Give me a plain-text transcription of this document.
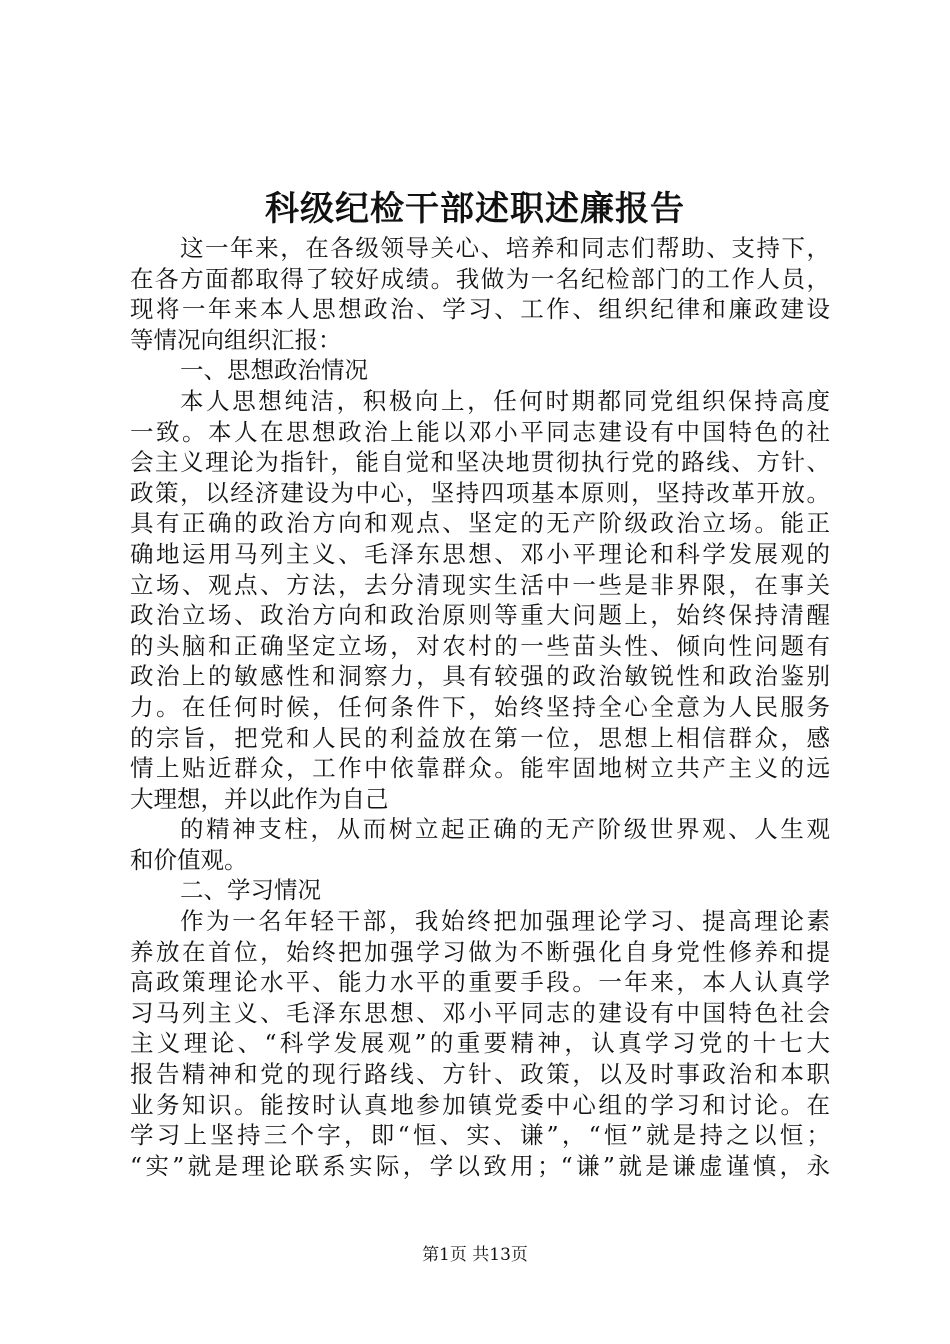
科级纪检干部述职述廉报告
这一年来，在各级领导关心、培养和同志们帮助、支持下，
在各方面都取得了较好成绩。我做为一名纪检部门的工作人员，
现将一年来本人思想政治、学习、工作、组织纪律和廉政建设
等情况向组织汇报：
一、思想政治情况
本人思想纯洁，积极向上，任何时期都同党组织保持高度
一致。本人在思想政治上能以邓小平同志建设有中国特色的社
会主义理论为指针，能自觉和坚决地贯彻执行党的路线、方针、
政策，以经济建设为中心，坚持四项基本原则，坚持改革开放。
具有正确的政治方向和观点、坚定的无产阶级政治立场。能正
确地运用马列主义、毛泽东思想、邓小平理论和科学发展观的
立场、观点、方法，去分清现实生活中一些是非界限，在事关
政治立场、政治方向和政治原则等重大问题上，始终保持清醒
的头脑和正确坚定立场，对农村的一些苗头性、倾向性问题有
政治上的敏感性和洞察力，具有较强的政治敏锐性和政治鉴别
力。在任何时候，任何条件下，始终坚持全心全意为人民服务
的宗旨，把党和人民的利益放在第一位，思想上相信群众，感
情上贴近群众，工作中依靠群众。能牢固地树立共产主义的远
大理想，并以此作为自己
的精神支柱，从而树立起正确的无产阶级世界观、人生观
和价值观。
二、学习情况
作为一名年轻干部，我始终把加强理论学习、提高理论素
养放在首位，始终把加强学习做为不断强化自身党性修养和提
高政策理论水平、能力水平的重要手段。一年来，本人认真学
习马列主义、毛泽东思想、邓小平同志的建设有中国特色社会
主义理论、“科学发展观”的重要精神，认真学习党的十七大
报告精神和党的现行路线、方针、政策，以及时事政治和本职
业务知识。能按时认真地参加镇党委中心组的学习和讨论。在
学习上坚持三个字，即“恒、实、谦”，“恒”就是持之以恒；
“实”就是理论联系实际，学以致用；“谦”就是谦虚谨慎，永
第1页 共13页
